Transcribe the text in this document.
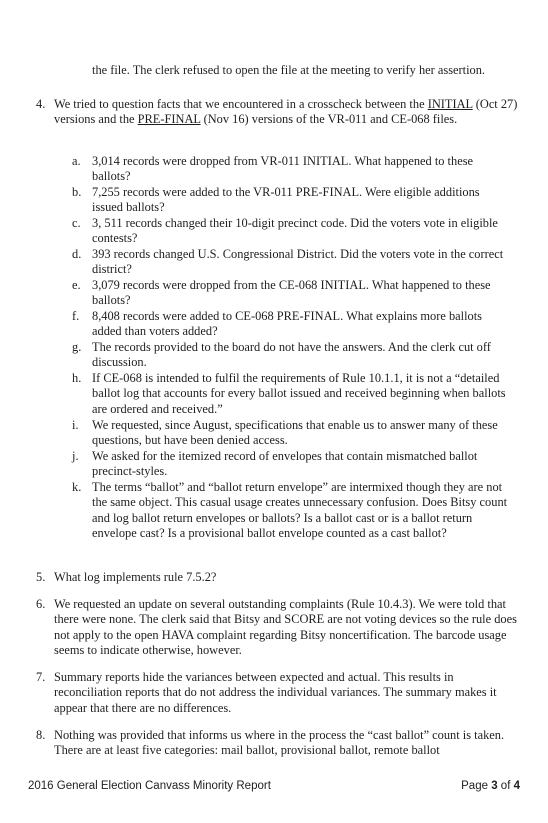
the file. The clerk refused to open the file at the meeting to verify her assertion.
4. We tried to question facts that we encountered in a crosscheck between the INITIAL (Oct 27) versions and the PRE-FINAL (Nov 16) versions of the VR-011 and CE-068 files.
a. 3,014 records were dropped from VR-011 INITIAL. What happened to these ballots?
b. 7,255 records were added to the VR-011 PRE-FINAL. Were eligible additions issued ballots?
c. 3, 511 records changed their 10-digit precinct code. Did the voters vote in eligible contests?
d. 393 records changed U.S. Congressional District. Did the voters vote in the correct district?
e. 3,079 records were dropped from the CE-068 INITIAL. What happened to these ballots?
f.	8,408 records were added to CE-068 PRE-FINAL. What explains more ballots added than voters added?
g. The records provided to the board do not have the answers. And the clerk cut off discussion.
h. If CE-068 is intended to fulfil the requirements of Rule 10.1.1, it is not a “detailed ballot log that accounts for every ballot issued and received beginning when ballots are ordered and received.”
i.	We requested, since August, specifications that enable us to answer many of these questions, but have been denied access.
j.	We asked for the itemized record of envelopes that contain mismatched ballot precinct-styles.
k. The terms “ballot” and “ballot return envelope” are intermixed though they are not the same object. This casual usage creates unnecessary confusion. Does Bitsy count and log ballot return envelopes or ballots? Is a ballot cast or is a ballot return envelope cast? Is a provisional ballot envelope counted as a cast ballot?
5. What log implements rule 7.5.2?
6. We requested an update on several outstanding complaints (Rule 10.4.3). We were told that there were none. The clerk said that Bitsy and SCORE are not voting devices so the rule does not apply to the open HAVA complaint regarding Bitsy noncertification. The barcode usage seems to indicate otherwise, however.
7. Summary reports hide the variances between expected and actual. This results in reconciliation reports that do not address the individual variances. The summary makes it appear that there are no differences.
8. Nothing was provided that informs us where in the process the “cast ballot” count is taken. There are at least five categories: mail ballot, provisional ballot, remote ballot
2016 General Election Canvass Minority Report	Page 3 of 4
